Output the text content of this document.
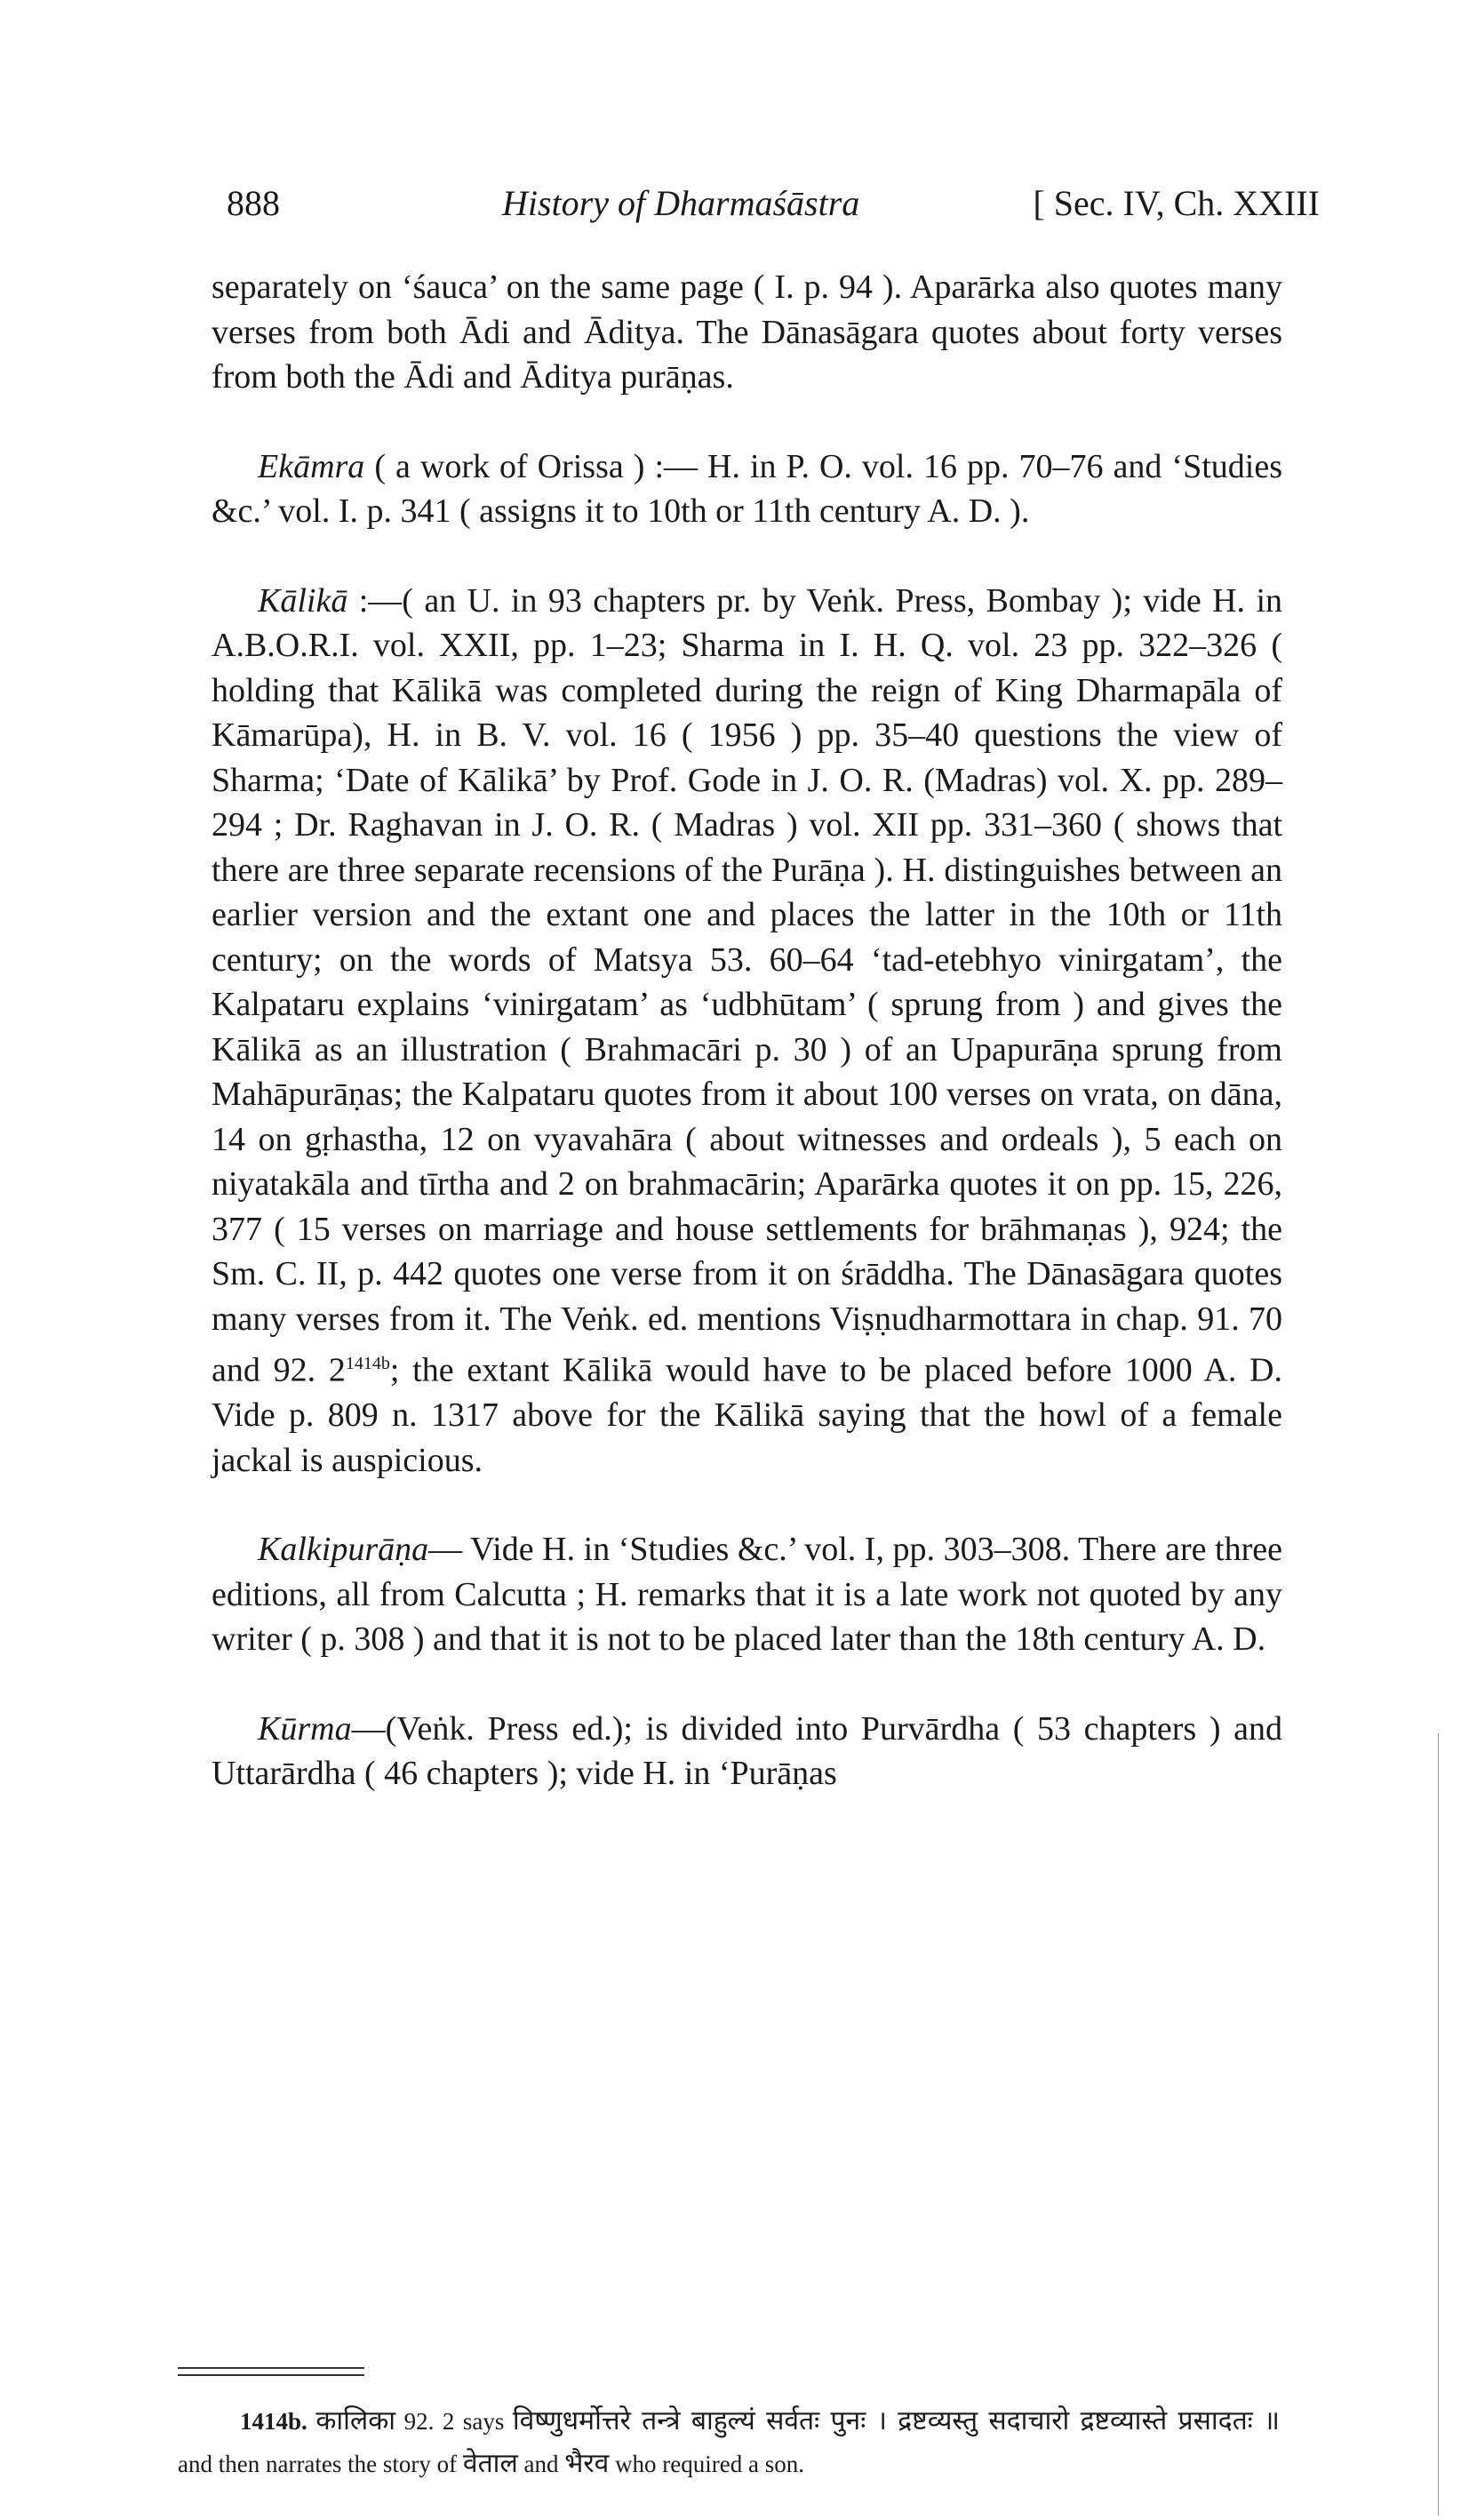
888	History of Dharmaśāstra	[ Sec. IV, Ch. XXIII

separately on ‘śauca’ on the same page ( I. p. 94 ). Aparārka also quotes many verses from both Ādi and Āditya. The Dānasāgara quotes about forty verses from both the Ādi and Āditya purāṇas.

Ekāmra ( a work of Orissa ) :— H. in P. O. vol. 16 pp. 70–76 and ‘Studies &c.’ vol. I. p. 341 ( assigns it to 10th or 11th century A. D. ).

Kālikā :—( an U. in 93 chapters pr. by Veṅk. Press, Bombay ); vide H. in A.B.O.R.I. vol. XXII, pp. 1–23; Sharma in I. H. Q. vol. 23 pp. 322–326 ( holding that Kālikā was completed during the reign of King Dharmapāla of Kāmarūpa), H. in B. V. vol. 16 ( 1956 ) pp. 35–40 questions the view of Sharma; ‘Date of Kālikā’ by Prof. Gode in J. O. R. (Madras) vol. X. pp. 289–294 ; Dr. Raghavan in J. O. R. ( Madras ) vol. XII pp. 331–360 ( shows that there are three separate recensions of the Purāṇa ). H. distinguishes between an earlier version and the extant one and places the latter in the 10th or 11th century; on the words of Matsya 53. 60–64 ‘tad-etebhyo vinirgatam’, the Kalpataru explains ‘vinirgatam’ as ‘udbhūtam’ ( sprung from ) and gives the Kālikā as an illustration ( Brahmacāri p. 30 ) of an Upapurāṇa sprung from Mahāpurāṇas; the Kalpataru quotes from it about 100 verses on vrata, on dāna, 14 on gṛhastha, 12 on vyavahāra ( about witnesses and ordeals ), 5 each on niyatakāla and tīrtha and 2 on brahmacārin; Aparārka quotes it on pp. 15, 226, 377 ( 15 verses on marriage and house settlements for brāhmaṇas ), 924; the Sm. C. II, p. 442 quotes one verse from it on śrāddha. The Dānasāgara quotes many verses from it. The Veṅk. ed. mentions Viṣṇudharmottara in chap. 91. 70 and 92. $2^{1414b}$; the extant Kālikā would have to be placed before 1000 A. D. Vide p. 809 n. 1317 above for the Kālikā saying that the howl of a female jackal is auspicious.

Kalkipurāṇa— Vide H. in ‘Studies &c.’ vol. I, pp. 303–308. There are three editions, all from Calcutta ; H. remarks that it is a late work not quoted by any writer ( p. 308 ) and that it is not to be placed later than the 18th century A. D.

Kūrma—(Veṅk. Press ed.); is divided into Purvārdha ( 53 chapters ) and Uttarārdha ( 46 chapters ); vide H. in ‘Purāṇas

1414b. कालिका 92. 2 says विष्णुधर्मोत्तरे तन्त्रे बाहुल्यं सर्वतः पुनः । द्रष्टव्यस्तु सदाचारो द्रष्टव्यास्ते प्रसादतः ॥ and then narrates the story of वेताल and भैरव who required a son.
